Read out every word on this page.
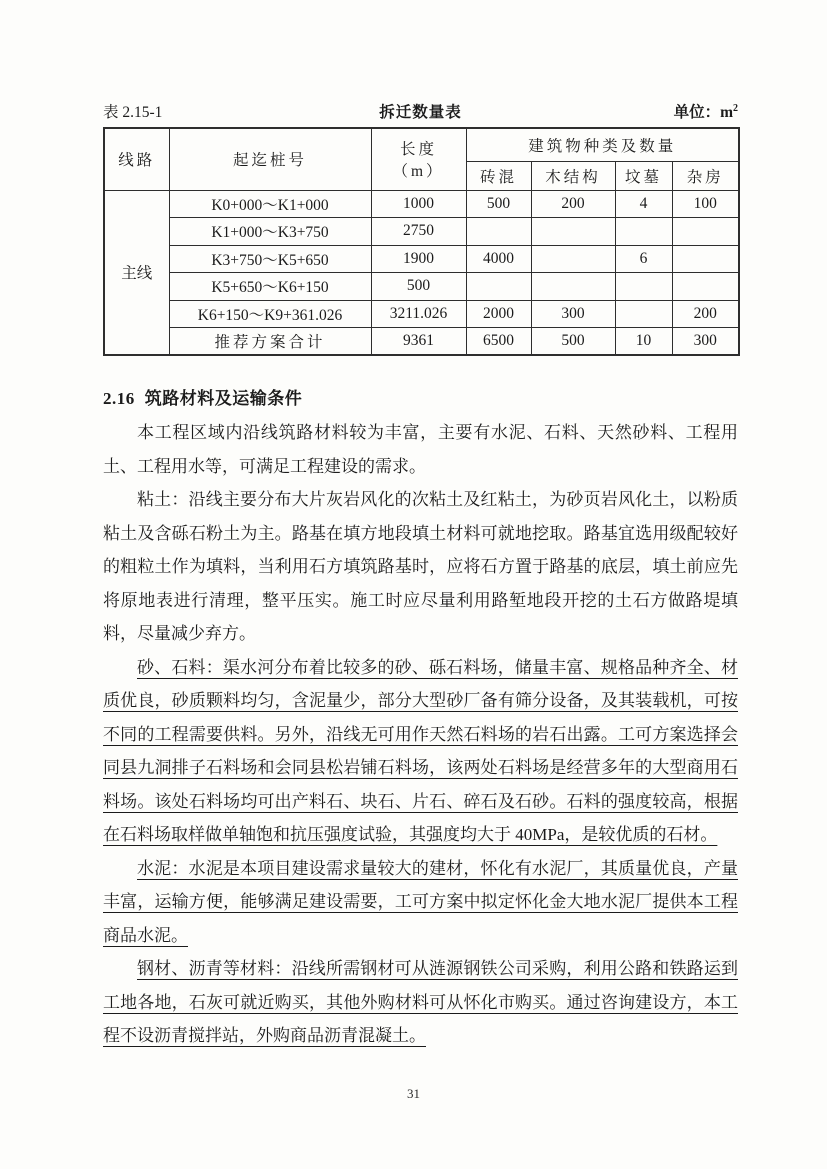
表 2.15-1	拆迁数量表	单位：$m^2$
线路	起迄桩号	长度
（m）	建筑物种类及数量			
			砖混	木结构	坟墓	杂房
主线	K0+000～K1+000	1000	500	200	4	100
	K1+000～K3+750	2750				
	K3+750～K5+650	1900	4000		6	
	K5+650～K6+150	500				
	K6+150～K9+361.026	3211.026	2000	300		200
	推荐方案合计	9361	6500	500	10	300
2.16 筑路材料及运输条件

本工程区域内沿线筑路材料较为丰富，主要有水泥、石料、天然砂料、工程用土、工程用水等，可满足工程建设的需求。

粘土：沿线主要分布大片灰岩风化的次粘土及红粘土，为砂页岩风化土，以粉质粘土及含砾石粉土为主。路基在填方地段填土材料可就地挖取。路基宜选用级配较好的粗粒土作为填料，当利用石方填筑路基时，应将石方置于路基的底层，填土前应先将原地表进行清理，整平压实。施工时应尽量利用路堑地段开挖的土石方做路堤填料，尽量减少弃方。

砂、石料：渠水河分布着比较多的砂、砾石料场，储量丰富、规格品种齐全、材质优良，砂质颗料均匀，含泥量少，部分大型砂厂备有筛分设备，及其装载机，可按不同的工程需要供料。另外，沿线无可用作天然石料场的岩石出露。工可方案选择会同县九洞排子石料场和会同县松岩铺石料场，该两处石料场是经营多年的大型商用石料场。该处石料场均可出产料石、块石、片石、碎石及石砂。石料的强度较高，根据在石料场取样做单轴饱和抗压强度试验，其强度均大于 40MPa，是较优质的石材。

水泥：水泥是本项目建设需求量较大的建材，怀化有水泥厂，其质量优良，产量丰富，运输方便，能够满足建设需要，工可方案中拟定怀化金大地水泥厂提供本工程商品水泥。

钢材、沥青等材料：沿线所需钢材可从涟源钢铁公司采购，利用公路和铁路运到工地各地，石灰可就近购买，其他外购材料可从怀化市购买。通过咨询建设方，本工程不设沥青搅拌站，外购商品沥青混凝土。

31
